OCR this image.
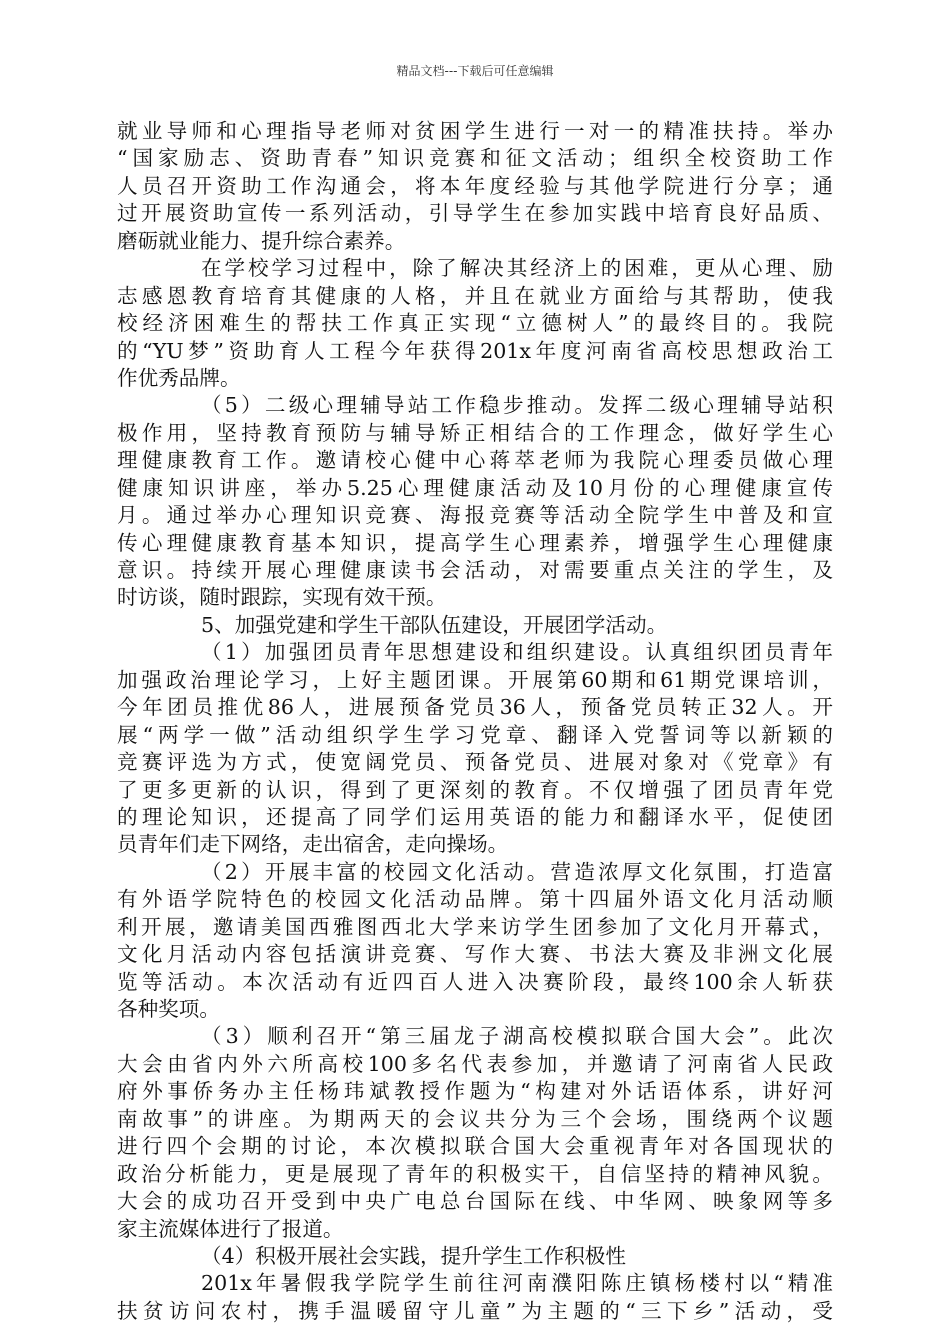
精品文档---下载后可任意编辑
就业导师和心理指导老师对贫困学生进行一对一的精准扶持。举办
“国家励志、资助青春”知识竞赛和征文活动；组织全校资助工作
人员召开资助工作沟通会，将本年度经验与其他学院进行分享；通
过开展资助宣传一系列活动，引导学生在参加实践中培育良好品质、
磨砺就业能力、提升综合素养。
在学校学习过程中，除了解决其经济上的困难，更从心理、励
志感恩教育培育其健康的人格，并且在就业方面给与其帮助，使我
校经济困难生的帮扶工作真正实现“立德树人”的最终目的。我院
的“YU梦”资助育人工程今年获得201x年度河南省高校思想政治工
作优秀品牌。
（5）二级心理辅导站工作稳步推动。发挥二级心理辅导站积
极作用，坚持教育预防与辅导矫正相结合的工作理念，做好学生心
理健康教育工作。邀请校心健中心蒋萃老师为我院心理委员做心理
健康知识讲座，举办5.25心理健康活动及10月份的心理健康宣传
月。通过举办心理知识竞赛、海报竞赛等活动全院学生中普及和宣
传心理健康教育基本知识，提高学生心理素养，增强学生心理健康
意识。持续开展心理健康读书会活动，对需要重点关注的学生，及
时访谈，随时跟踪，实现有效干预。
5、加强党建和学生干部队伍建设，开展团学活动。
（1）加强团员青年思想建设和组织建设。认真组织团员青年
加强政治理论学习，上好主题团课。开展第60期和61期党课培训，
今年团员推优86人，进展预备党员36人，预备党员转正32人。开
展“两学一做”活动组织学生学习党章、翻译入党誓词等以新颖的
竞赛评选为方式，使宽阔党员、预备党员、进展对象对《党章》有
了更多更新的认识，得到了更深刻的教育。不仅增强了团员青年党
的理论知识，还提高了同学们运用英语的能力和翻译水平，促使团
员青年们走下网络，走出宿舍，走向操场。
（2）开展丰富的校园文化活动。营造浓厚文化氛围，打造富
有外语学院特色的校园文化活动品牌。第十四届外语文化月活动顺
利开展，邀请美国西雅图西北大学来访学生团参加了文化月开幕式，
文化月活动内容包括演讲竞赛、写作大赛、书法大赛及非洲文化展
览等活动。本次活动有近四百人进入决赛阶段，最终100余人斩获
各种奖项。
（3）顺利召开“第三届龙子湖高校模拟联合国大会”。此次
大会由省内外六所高校100多名代表参加，并邀请了河南省人民政
府外事侨务办主任杨玮斌教授作题为“构建对外话语体系，讲好河
南故事”的讲座。为期两天的会议共分为三个会场，围绕两个议题
进行四个会期的讨论，本次模拟联合国大会重视青年对各国现状的
政治分析能力，更是展现了青年的积极实干，自信坚持的精神风貌。
大会的成功召开受到中央广电总台国际在线、中华网、映象网等多
家主流媒体进行了报道。
（4）积极开展社会实践，提升学生工作积极性
201x年暑假我学院学生前往河南濮阳陈庄镇杨楼村以“精准
扶贫访问农村，携手温暖留守儿童”为主题的“三下乡”活动，受
